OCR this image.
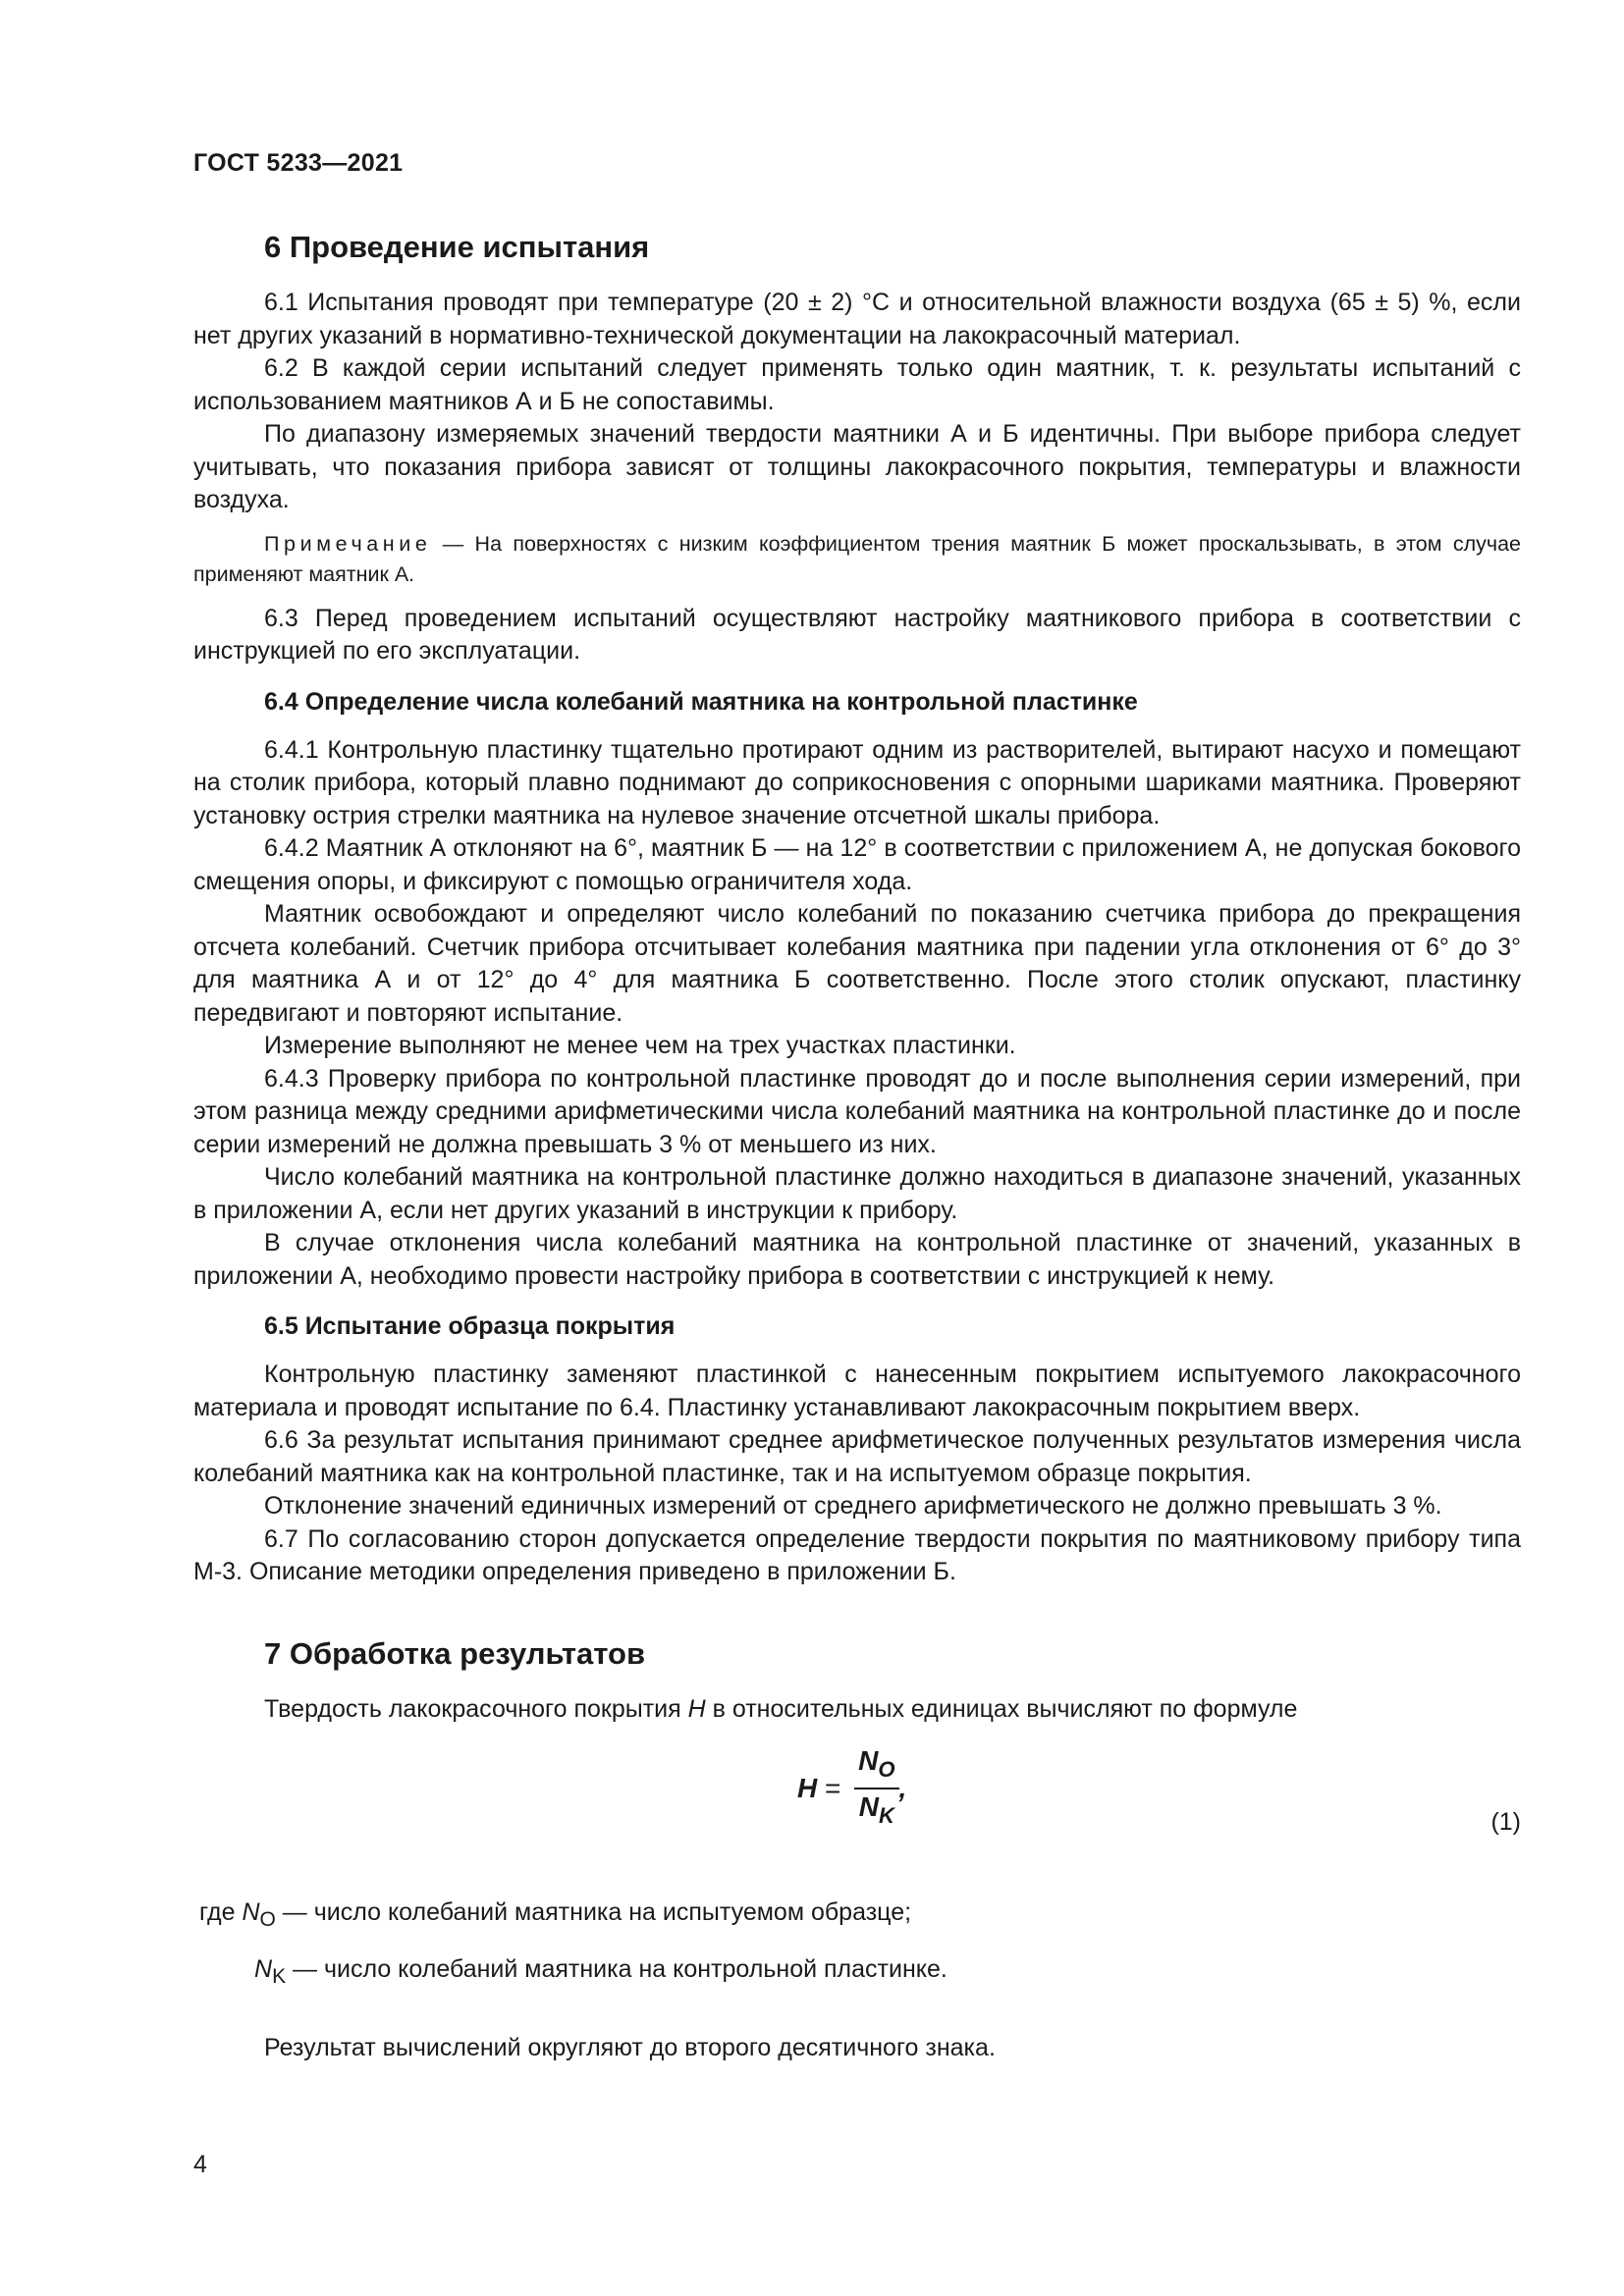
ГОСТ 5233—2021
6 Проведение испытания

6.1 Испытания проводят при температуре (20 ± 2) °С и относительной влажности воздуха (65 ± 5) %, если нет других указаний в нормативно-технической документации на лакокрасочный материал.

6.2 В каждой серии испытаний следует применять только один маятник, т. к. результаты испытаний с использованием маятников А и Б не сопоставимы.

По диапазону измеряемых значений твердости маятники А и Б идентичны. При выборе прибора следует учитывать, что показания прибора зависят от толщины лакокрасочного покрытия, температуры и влажности воздуха.

Примечание — На поверхностях с низким коэффициентом трения маятник Б может проскальзывать, в этом случае применяют маятник А.

6.3 Перед проведением испытаний осуществляют настройку маятникового прибора в соответствии с инструкцией по его эксплуатации.

6.4 Определение числа колебаний маятника на контрольной пластинке

6.4.1 Контрольную пластинку тщательно протирают одним из растворителей, вытирают насухо и помещают на столик прибора, который плавно поднимают до соприкосновения с опорными шариками маятника. Проверяют установку острия стрелки маятника на нулевое значение отсчетной шкалы прибора.

6.4.2 Маятник А отклоняют на 6°, маятник Б — на 12° в соответствии с приложением А, не допуская бокового смещения опоры, и фиксируют с помощью ограничителя хода.

Маятник освобождают и определяют число колебаний по показанию счетчика прибора до прекращения отсчета колебаний. Счетчик прибора отсчитывает колебания маятника при падении угла отклонения от 6° до 3° для маятника А и от 12° до 4° для маятника Б соответственно. После этого столик опускают, пластинку передвигают и повторяют испытание.

Измерение выполняют не менее чем на трех участках пластинки.

6.4.3 Проверку прибора по контрольной пластинке проводят до и после выполнения серии измерений, при этом разница между средними арифметическими числа колебаний маятника на контрольной пластинке до и после серии измерений не должна превышать 3 % от меньшего из них.

Число колебаний маятника на контрольной пластинке должно находиться в диапазоне значений, указанных в приложении А, если нет других указаний в инструкции к прибору.

В случае отклонения числа колебаний маятника на контрольной пластинке от значений, указанных в приложении А, необходимо провести настройку прибора в соответствии с инструкцией к нему.

6.5 Испытание образца покрытия

Контрольную пластинку заменяют пластинкой с нанесенным покрытием испытуемого лакокрасочного материала и проводят испытание по 6.4. Пластинку устанавливают лакокрасочным покрытием вверх.

6.6 За результат испытания принимают среднее арифметическое полученных результатов измерения числа колебаний маятника как на контрольной пластинке, так и на испытуемом образце покрытия.

Отклонение значений единичных измерений от среднего арифметического не должно превышать 3 %.

6.7 По согласованию сторон допускается определение твердости покрытия по маятниковому прибору типа М-3. Описание методики определения приведено в приложении Б.

7 Обработка результатов

Твердость лакокрасочного покрытия H в относительных единицах вычисляют по формуле

$H = \frac{N_O}{N_K}$ ,
(1)
где $N_O$ — число колебаний маятника на испытуемом образце;
$N_K$ — число колебаний маятника на контрольной пластинке.

Результат вычислений округляют до второго десятичного знака.

4
